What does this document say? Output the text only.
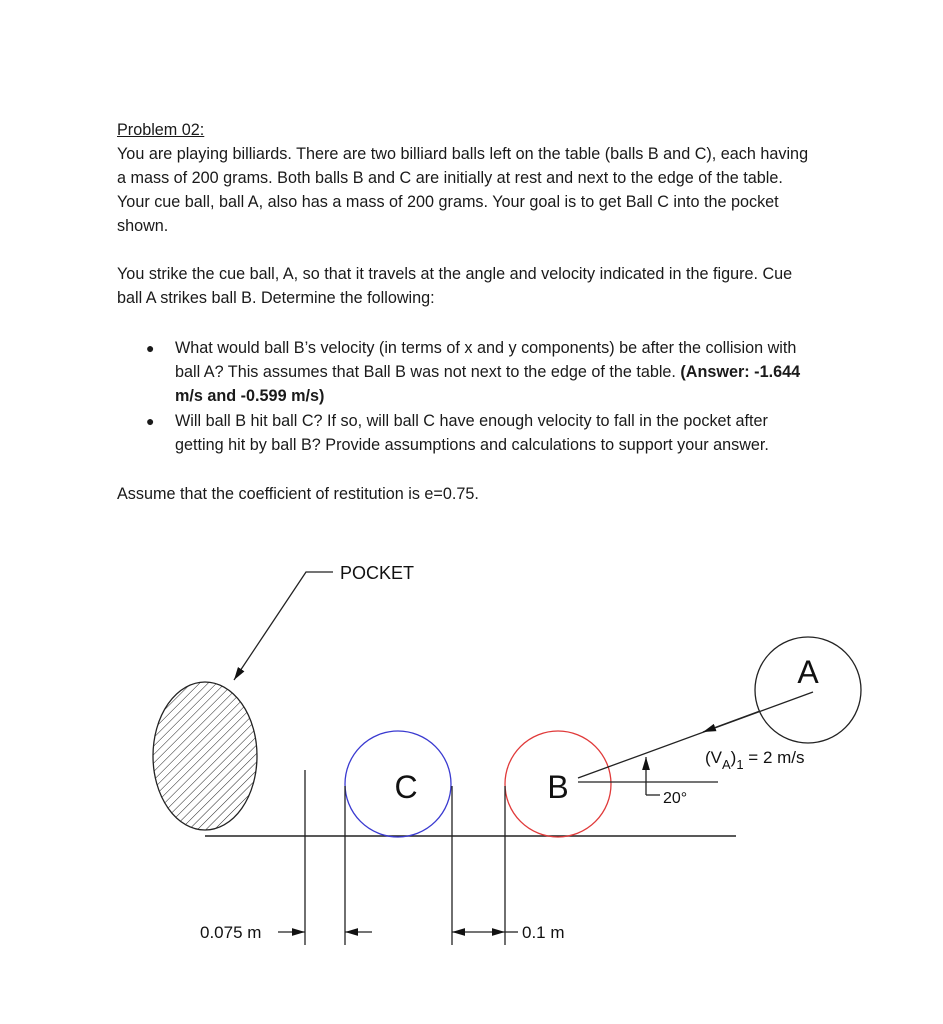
Problem 02:
You are playing billiards. There are two billiard balls left on the table (balls B and C), each having
a mass of 200 grams. Both balls B and C are initially at rest and next to the edge of the table.
Your cue ball, ball A, also has a mass of 200 grams. Your goal is to get Ball C into the pocket
shown.
You strike the cue ball, A, so that it travels at the angle and velocity indicated in the figure. Cue
ball A strikes ball B. Determine the following:
● What would ball B’s velocity (in terms of x and y components) be after the collision with
ball A? This assumes that Ball B was not next to the edge of the table. (Answer: -1.644
m/s and -0.599 m/s)
● Will ball B hit ball C? If so, will ball C have enough velocity to fall in the pocket after
getting hit by ball B? Provide assumptions and calculations to support your answer.
Assume that the coefficient of restitution is e=0.75.
POCKET
A
B
C
$(V_A)_1 = 2$ m/s
20°
0.075 m	0.1 m
